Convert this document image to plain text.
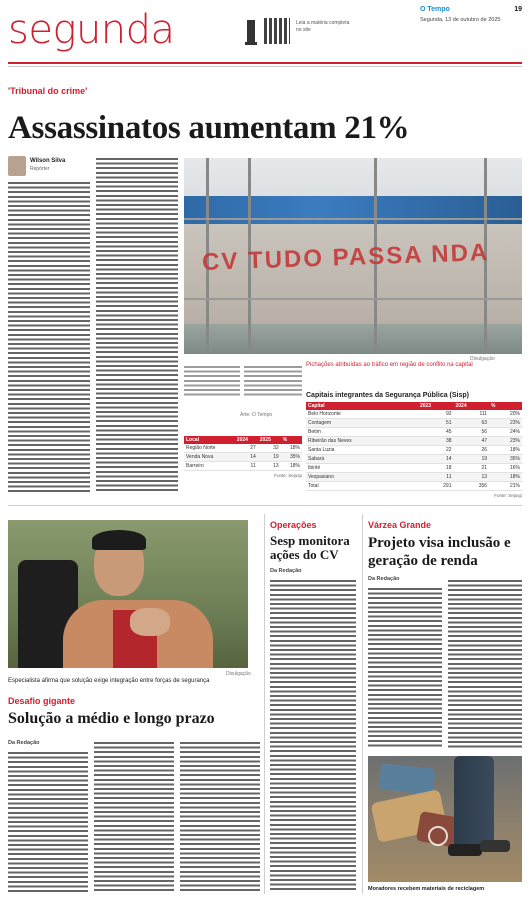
segunda	Leia a matéria completa no site
O Tempo	19
Segunda, 13 de outubro de 2025
'Tribunal do crime'
Assassinatos aumentam 21%
Wilson Silva
Repórter
CV TUDO PASSA NDA
Divulgação
Pichações atribuídas ao tráfico em região de conflito na capital
Arte: O Tempo
Local	2024	2025	%
Região Norte	27	32	18%
Venda Nova	14	19	35%
Barreiro	11	13	18%
Fonte: Sejusp
Capitais integrantes da Segurança Pública (Sisp)
Capital	2023	2024	%
Belo Horizonte	92	111	20%
Contagem	51	63	23%
Betim	45	56	24%
Ribeirão das Neves	38	47	23%
Santa Luzia	22	26	18%
Sabará	14	19	35%
Ibirité	18	21	16%
Vespasiano	11	13	18%
Total	291	356	21%
Fonte: Sejusp
Divulgação
Especialista afirma que solução exige integração entre forças de segurança
Desafio gigante
Solução a médio e longo prazo
Da Redação
Operações
Sesp monitora ações do CV
Da Redação
Várzea Grande
Projeto visa inclusão e geração de renda
Da Redação
Moradores recebem materiais de reciclagem
